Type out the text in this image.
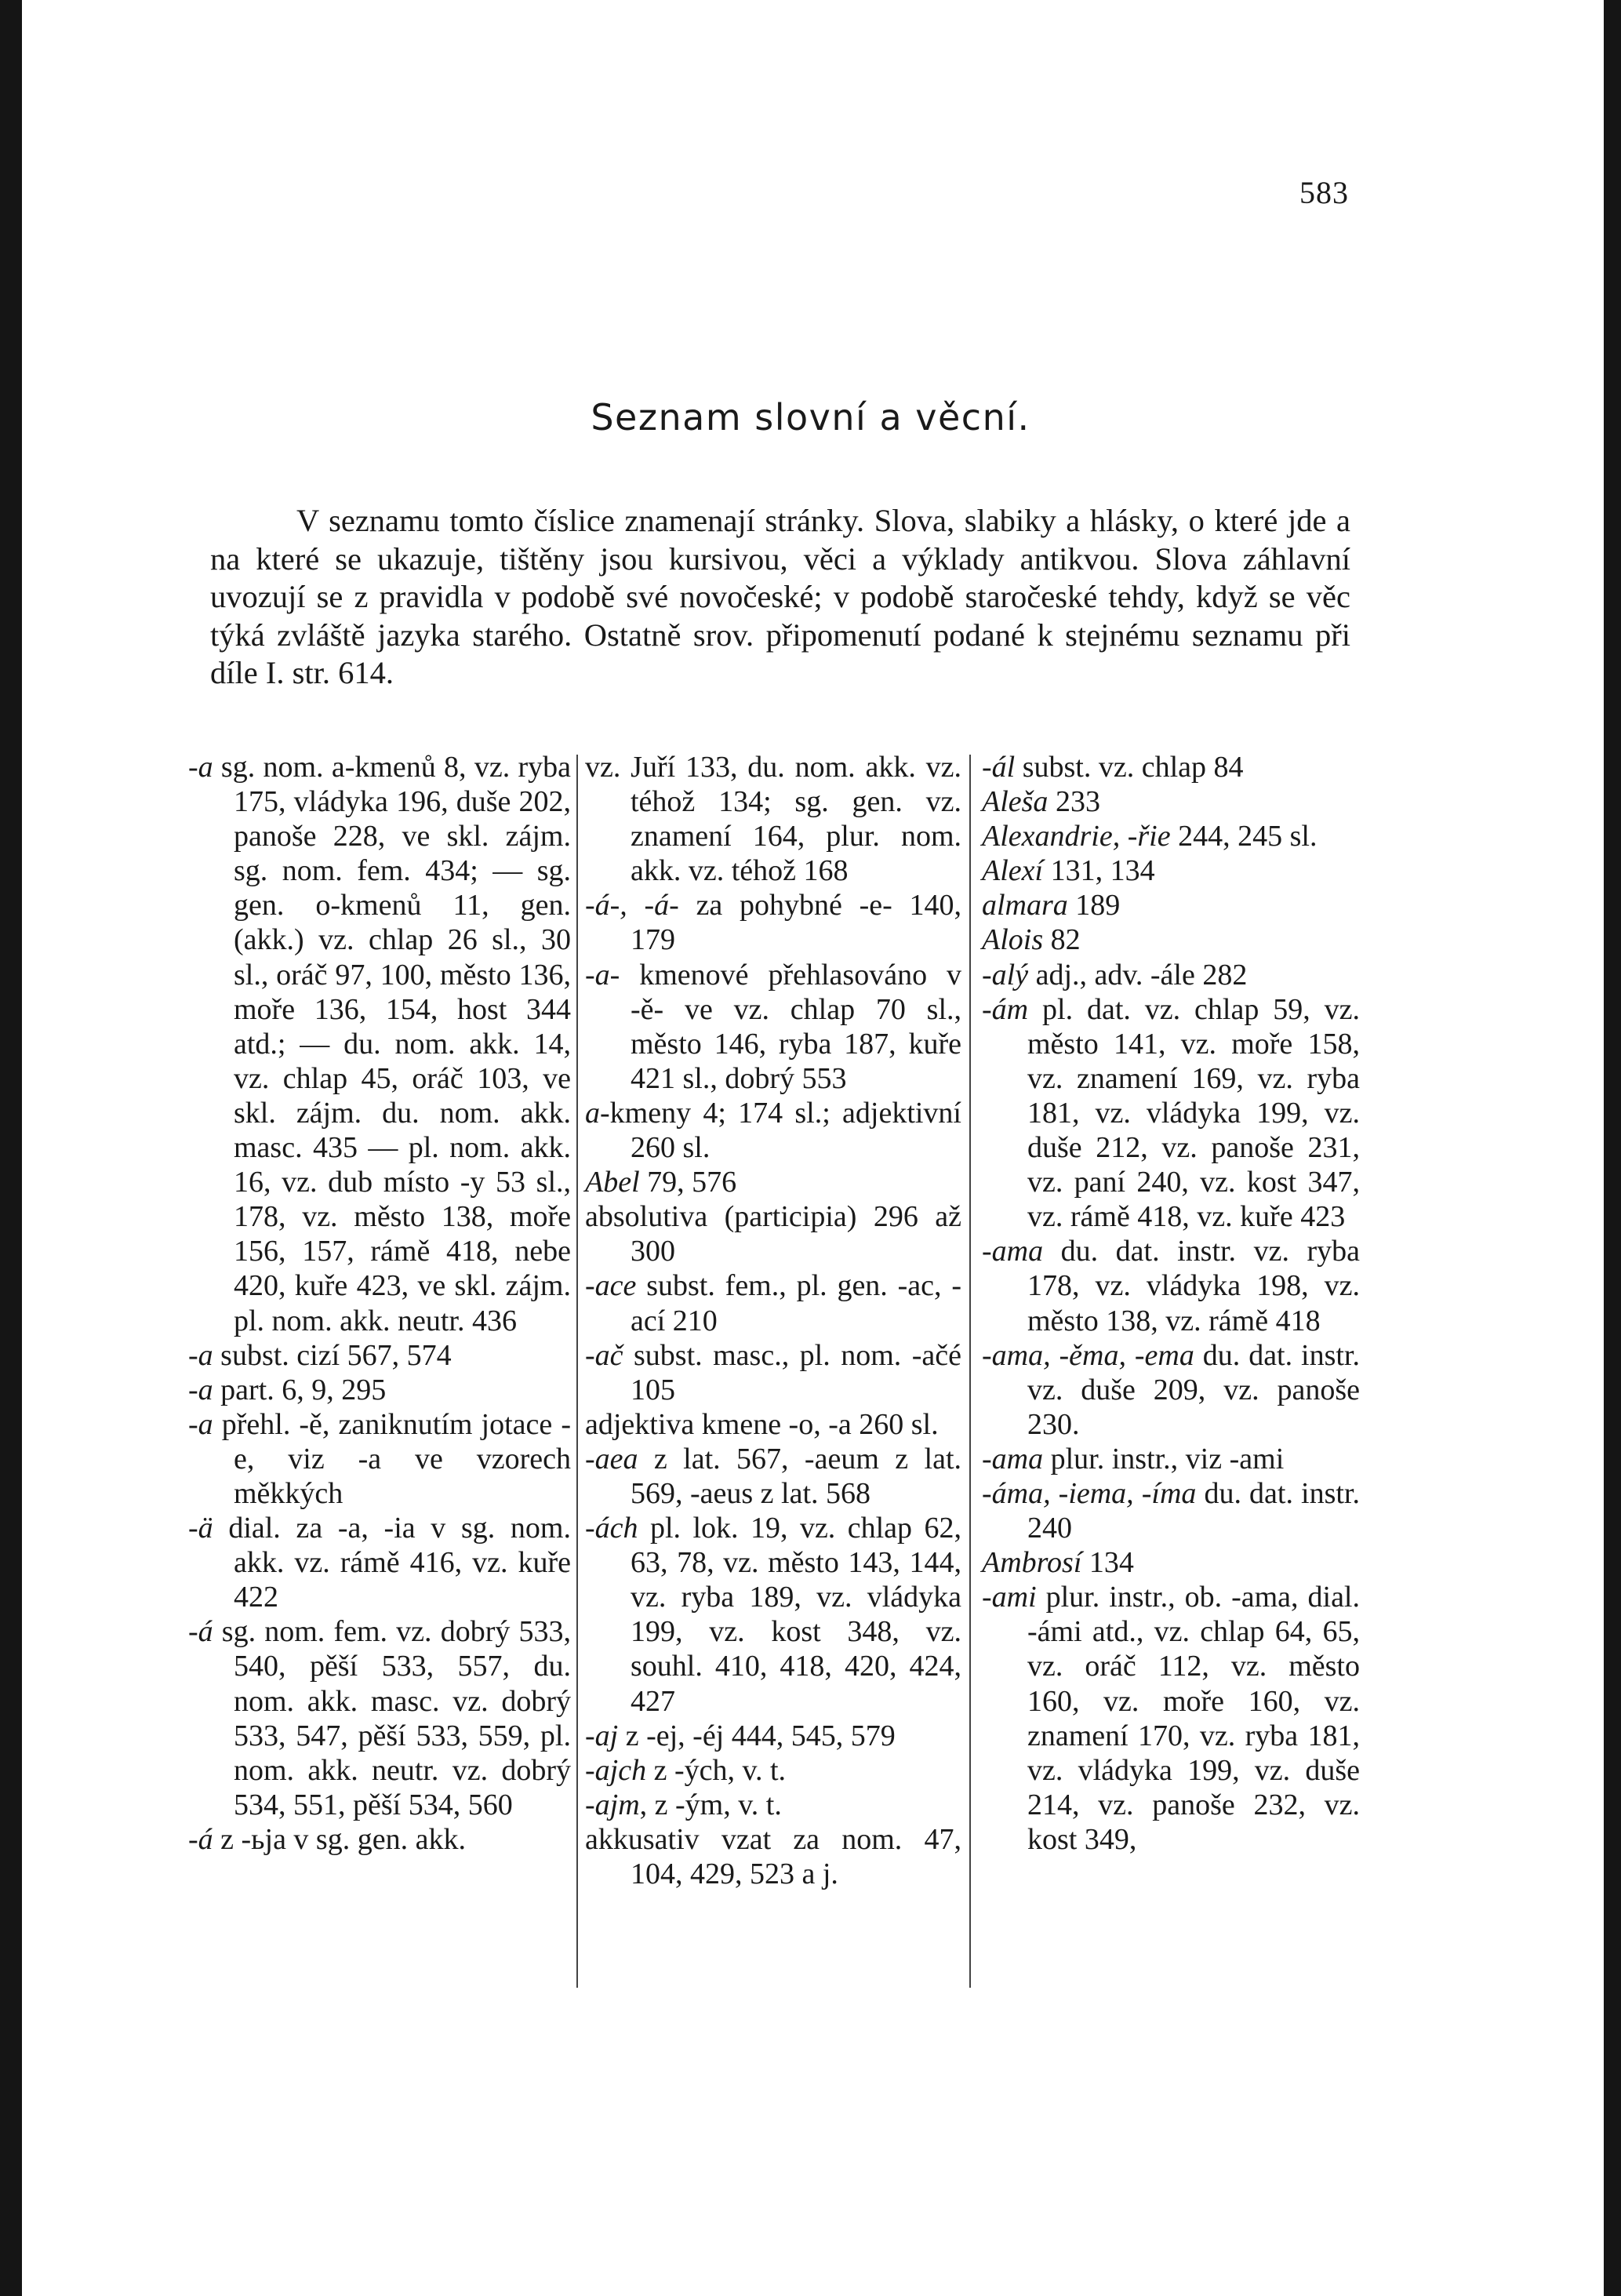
583
Seznam slovní a věcní.

V seznamu tomto číslice znamenají stránky. Slova, slabiky a hlásky, o které jde a na které se ukazuje, tištěny jsou kursivou, věci a výklady antikvou. Slova záhlavní uvozují se z pravidla v podobě své novočeské; v podobě staročeské tehdy, když se věc týká zvláště jazyka starého. Ostatně srov. připomenutí podané k stejnému seznamu při díle I. str. 614.

-a sg. nom. a-kmenů 8, vz. ryba 175, vládyka 196, duše 202, panoše 228, ve skl. zájm. sg. nom. fem. 434; — sg. gen. o-kmenů 11, gen. (akk.) vz. chlap 26 sl., 30 sl., oráč 97, 100, město 136, moře 136, 154, host 344 atd.; — du. nom. akk. 14, vz. chlap 45, oráč 103, ve skl. zájm. du. nom. akk. masc. 435 — pl. nom. akk. 16, vz. dub místo -y 53 sl., 178, vz. město 138, moře 156, 157, rámě 418, nebe 420, kuře 423, ve skl. zájm. pl. nom. akk. neutr. 436
-a subst. cizí 567, 574
-a part. 6, 9, 295
-a přehl. -ě, zaniknutím jotace -e, viz -a ve vzorech měkkých
-ä dial. za -a, -ia v sg. nom. akk. vz. rámě 416, vz. kuře 422
-á sg. nom. fem. vz. dobrý 533, 540, pěší 533, 557, du. nom. akk. masc. vz. dobrý 533, 547, pěší 533, 559, pl. nom. akk. neutr. vz. dobrý 534, 551, pěší 534, 560
-á z -ьja v sg. gen. akk.
vz. Juří 133, du. nom. akk. vz. téhož 134; sg. gen. vz. znamení 164, plur. nom. akk. vz. téhož 168
-á-, -á- za pohybné -e- 140, 179
-a- kmenové přehlasováno v -ě- ve vz. chlap 70 sl., město 146, ryba 187, kuře 421 sl., dobrý 553
a-kmeny 4; 174 sl.; adjektivní 260 sl.
Abel 79, 576
absolutiva (participia) 296 až 300
-ace subst. fem., pl. gen. -ac, -ací 210
-ač subst. masc., pl. nom. -ačé 105
adjektiva kmene -o, -a 260 sl.
-aea z lat. 567, -aeum z lat. 569, -aeus z lat. 568
-ách pl. lok. 19, vz. chlap 62, 63, 78, vz. město 143, 144, vz. ryba 189, vz. vládyka 199, vz. kost 348, vz. souhl. 410, 418, 420, 424, 427
-aj z -ej, -éj 444, 545, 579
-ajch z -ých, v. t.
-ajm, z -ým, v. t.
akkusativ vzat za nom. 47, 104, 429, 523 a j.
-ál subst. vz. chlap 84
Aleša 233
Alexandrie, -řie 244, 245 sl.
Alexí 131, 134
almara 189
Alois 82
-alý adj., adv. -ále 282
-ám pl. dat. vz. chlap 59, vz. město 141, vz. moře 158, vz. znamení 169, vz. ryba 181, vz. vládyka 199, vz. duše 212, vz. panoše 231, vz. paní 240, vz. kost 347, vz. rámě 418, vz. kuře 423
-ama du. dat. instr. vz. ryba 178, vz. vládyka 198, vz. město 138, vz. rámě 418
-ama, -ěma, -ema du. dat. instr. vz. duše 209, vz. panoše 230.
-ama plur. instr., viz -ami
-áma, -iema, -íma du. dat. instr. 240
Ambrosí 134
-ami plur. instr., ob. -ama, dial. -ámi atd., vz. chlap 64, 65, vz. oráč 112, vz. město 160, vz. moře 160, vz. znamení 170, vz. ryba 181, vz. vládyka 199, vz. duše 214, vz. panoše 232, vz. kost 349,
